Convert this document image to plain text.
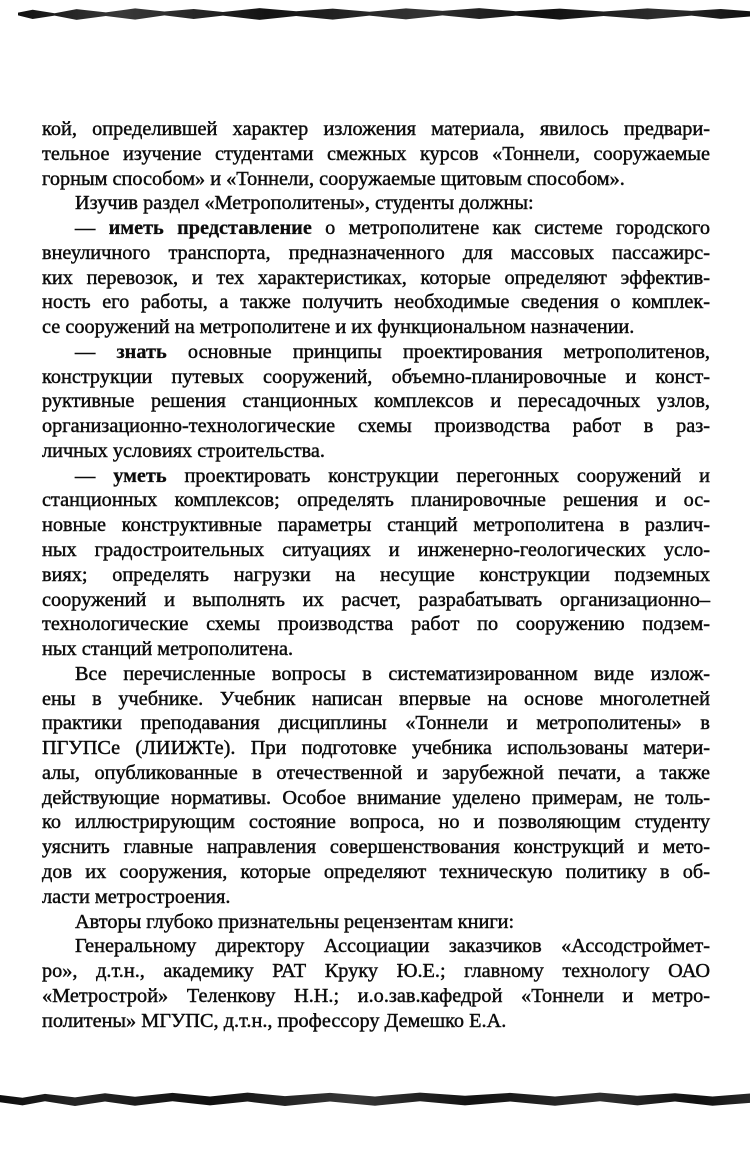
кой, определившей характер изложения материала, явилось предвари-
тельное изучение студентами смежных курсов «Тоннели, сооружаемые
горным способом» и «Тоннели, сооружаемые щитовым способом».
Изучив раздел «Метрополитены», студенты должны:
— иметь представление о метрополитене как системе городского
внеуличного транспорта, предназначенного для массовых пассажирс-
ких перевозок, и тех характеристиках, которые определяют эффектив-
ность его работы, а также получить необходимые сведения о комплек-
се сооружений на метрополитене и их функциональном назначении.
— знать основные принципы проектирования метрополитенов,
конструкции путевых сооружений, объемно-планировочные и конст-
руктивные решения станционных комплексов и пересадочных узлов,
организационно-технологические схемы производства работ в раз-
личных условиях строительства.
— уметь проектировать конструкции перегонных сооружений и
станционных комплексов; определять планировочные решения и ос-
новные конструктивные параметры станций метрополитена в различ-
ных градостроительных ситуациях и инженерно-геологических усло-
виях; определять нагрузки на несущие конструкции подземных
сооружений и выполнять их расчет, разрабатывать организационно–
технологические схемы производства работ по сооружению подзем-
ных станций метрополитена.
Все перечисленные вопросы в систематизированном виде излож-
ены в учебнике. Учебник написан впервые на основе многолетней
практики преподавания дисциплины «Тоннели и метрополитены» в
ПГУПСе (ЛИИЖТе). При подготовке учебника использованы матери-
алы, опубликованные в отечественной и зарубежной печати, а также
действующие нормативы. Особое внимание уделено примерам, не толь-
ко иллюстрирующим состояние вопроса, но и позволяющим студенту
уяснить главные направления совершенствования конструкций и мето-
дов их сооружения, которые определяют техническую политику в об-
ласти метростроения.
Авторы глубоко признательны рецензентам книги:
Генеральному директору Ассоциации заказчиков «Ассодстроймет-
ро», д.т.н., академику РАТ Круку Ю.Е.; главному технологу ОАО
«Метрострой» Теленкову Н.Н.; и.о.зав.кафедрой «Тоннели и метро-
политены» МГУПС, д.т.н., профессору Демешко Е.А.
